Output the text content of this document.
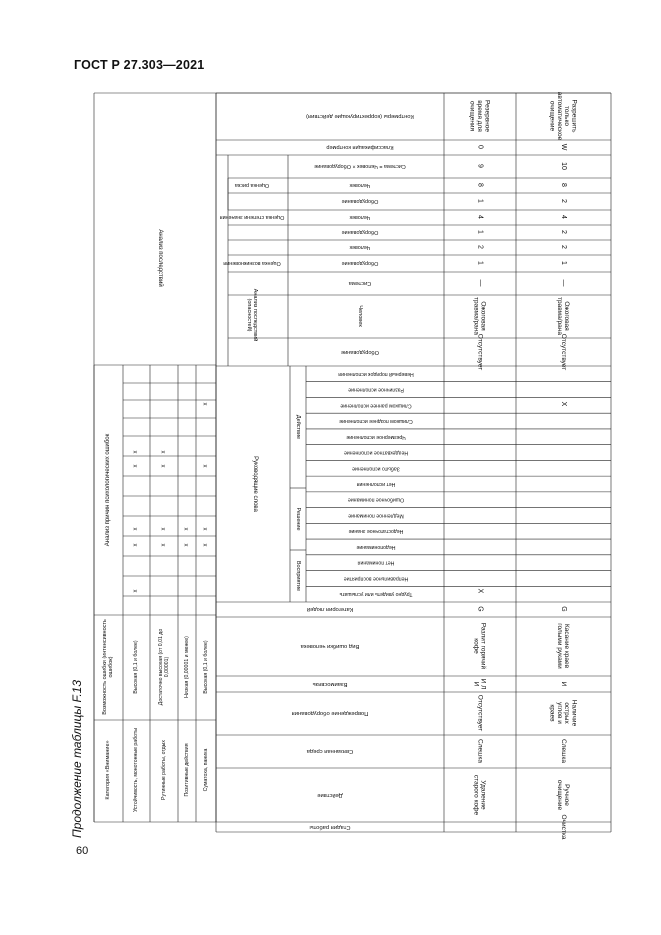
ГОСТ Р 27.303—2021
Продолжение таблицы F.13
60
Категория «Внимание»
Возможность ошибки (интенсивностьошибок)
Анализ причин психологических ошибок
Устойчивость, монотонные работы
Высокая (0,1 и более)
Рутинные работы, отдых
Достаточно высокая (от 0,01 до0,00001)
Позитивные действия
Низкая (0,00001 и менее)
Суматоха, паника
Высокая (0,1 и более)
x
x
x
x
x
x
x
x
x
x
x
x
x	x
x
Руководящие слова
Восприятие
Решение
Действие
Трудно увидеть или услышать
Неправильное восприятие
Нет понимания
Недопонимание
Недостаточное знание
Медленное понимание
Ошибочное понимание
Нет исполнения
Забыто исполнение
Неадекватное исполнение
Чрезмерное исполнение
Слишком позднее исполнение
Слишком раннее исполнение
Различное исполнение
Неверный порядок исполнения
Стадия работы
Действие
Связанная среда
Повреждение оборудования
Взаимосвязь
Вид ошибки человека
Категория людей
Анализ последствий
Анализ последствий(опасностей)
Оборудование
Человек
Система
Оценка возникновения	Оборудование
Человек
Оценка степени значения
Оборудование
Человек
Оценка риска
Оборудование
Человек
Система = Человек × Оборудование
Классификация контрмер
Контрмеры (корректирующие действия)
Удалениестарого кофе
Слешка
Отсутствует
И ЛИ
Разлит горячийкофе
G
X
Отсутствует
Ожоговаятравма/рана
—
1
2
1
4
1
8
9
0
Резервноевремя дляочищения
Очистка
Ручноеочищение
Слешка
Наличиеострыхуглов икраев
И
Касание краевголыми руками
G
X
Отсутствует
Ожоговаятравма/рана
—
1
2
2
4
2
8
10
W
Разрешитьтолькоавтоматическоеочищение
